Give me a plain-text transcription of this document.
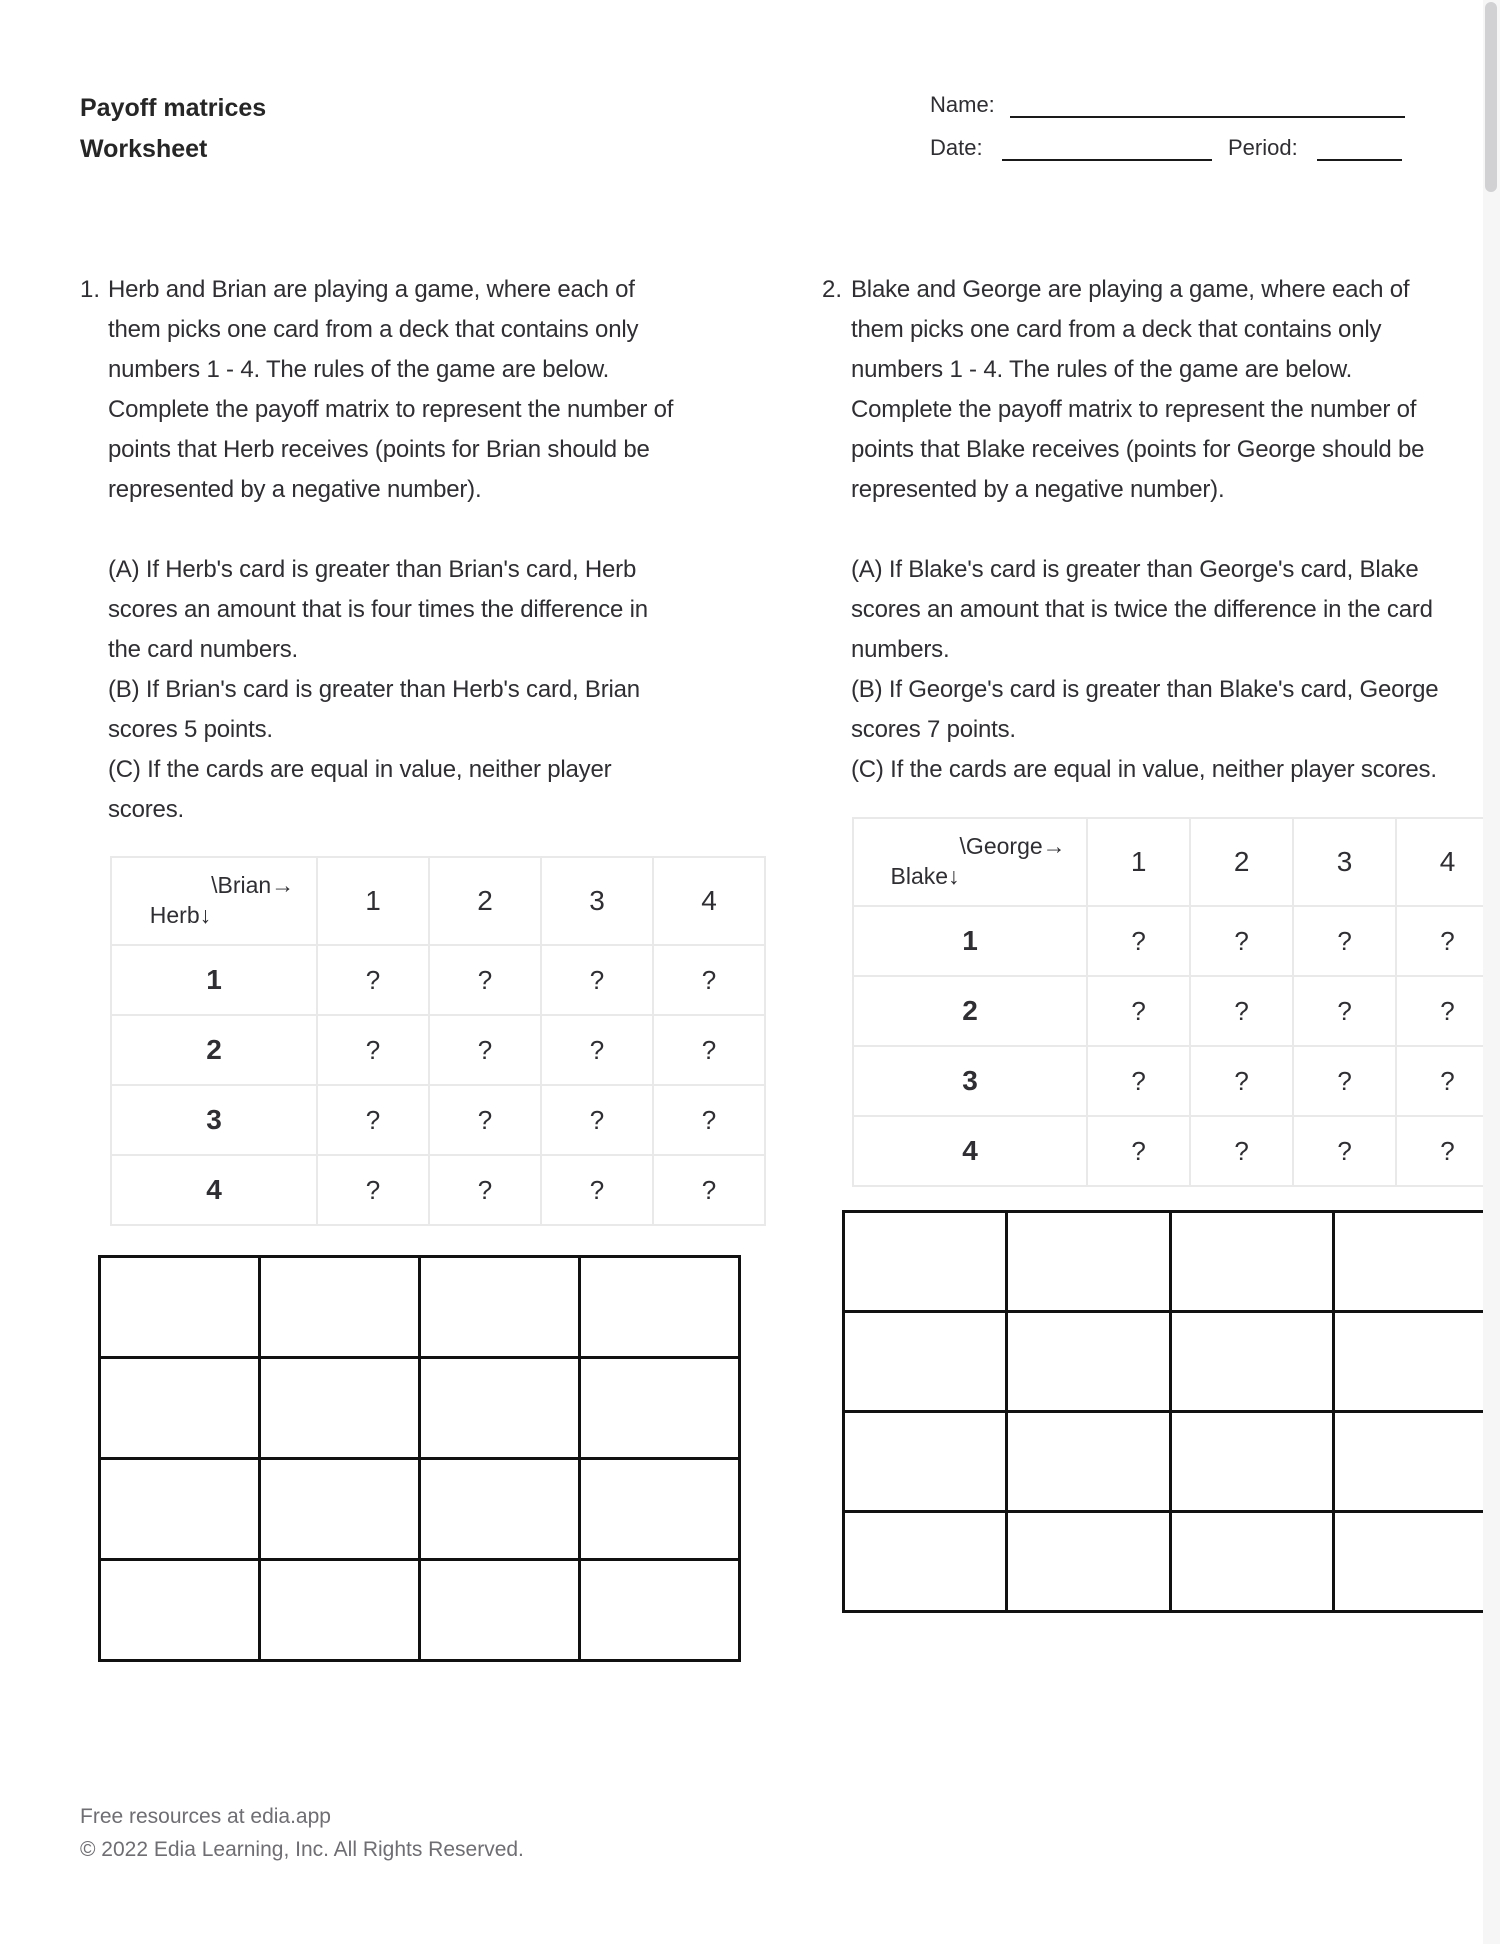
Payoff matrices
Worksheet
Name:
Date:	Period:
1. Herb and Brian are playing a game, where each of
them picks one card from a deck that contains only
numbers 1 - 4. The rules of the game are below.
Complete the payoff matrix to represent the number of
points that Herb receives (points for Brian should be
represented by a negative number).
(A) If Herb's card is greater than Brian's card, Herb
scores an amount that is four times the difference in
the card numbers.
(B) If Brian's card is greater than Herb's card, Brian
scores 5 points.
(C) If the cards are equal in value, neither player
scores.
Herb↓\Brian→	1	2	3	4
1	?	?	?	?
2	?	?	?	?
3	?	?	?	?
4	?	?	?	?

2. Blake and George are playing a game, where each of
them picks one card from a deck that contains only
numbers 1 - 4. The rules of the game are below.
Complete the payoff matrix to represent the number of
points that Blake receives (points for George should be
represented by a negative number).
(A) If Blake's card is greater than George's card, Blake
scores an amount that is twice the difference in the card
numbers.
(B) If George's card is greater than Blake's card, George
scores 7 points.
(C) If the cards are equal in value, neither player scores.
Blake↓\George→	1	2	3	4
1	?	?	?	?
2	?	?	?	?
3	?	?	?	?
4	?	?	?	?

Free resources at edia.app
© 2022 Edia Learning, Inc. All Rights Reserved.
